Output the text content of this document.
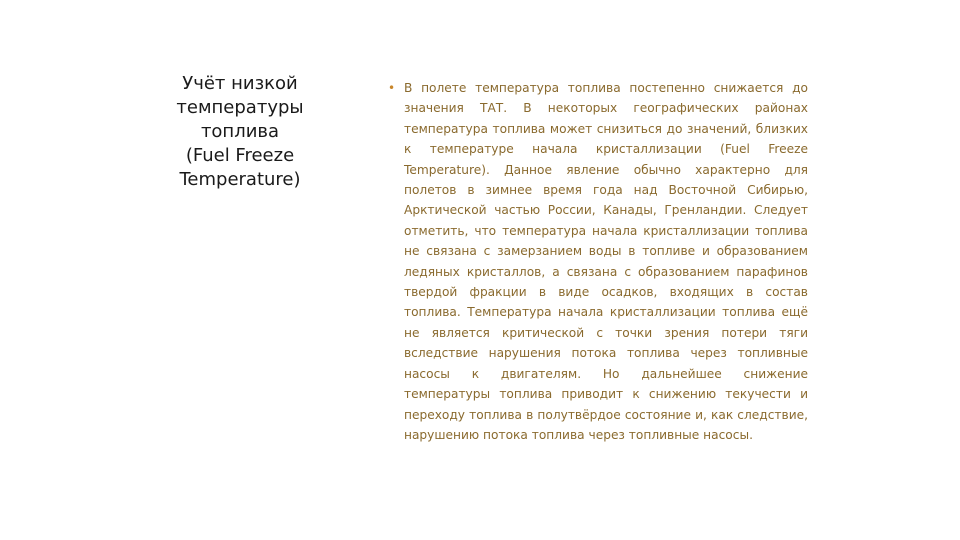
Учёт низкой
температуры
топлива
(Fuel Freeze
Temperature)
• В полете температура топлива постепенно снижается до значения ТАТ. В некоторых географических районах температура топлива может снизиться до значений, близких к температуре начала кристаллизации (Fuel Freeze Temperature). Данное явление обычно характерно для полетов в зимнее время года над Восточной Сибирью, Арктической частью России, Канады, Гренландии. Следует отметить, что температура начала кристаллизации топлива не связана с замерзанием воды в топливе и образованием ледяных кристаллов, а связана с образованием парафинов твердой фракции в виде осадков, входящих в состав топлива. Температура начала кристаллизации топлива ещё не является критической с точки зрения потери тяги вследствие нарушения потока топлива через топливные насосы к двигателям. Но дальнейшее снижение температуры топлива приводит к снижению текучести и переходу топлива в полутвёрдое состояние и, как следствие, нарушению потока топлива через топливные насосы.
